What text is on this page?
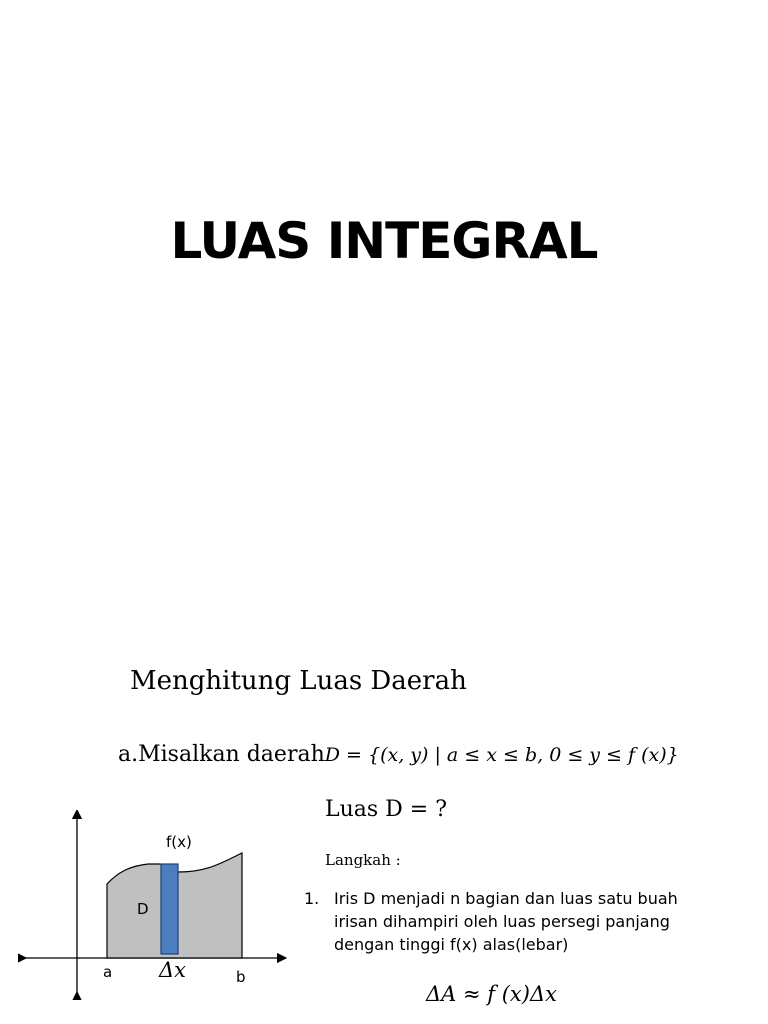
LUAS INTEGRAL
Menghitung Luas Daerah
a.Misalkan daerahD = {(x, y) | a ≤ x ≤ b, 0 ≤ y ≤ f (x)}
Luas D = ?
Langkah :
1. Iris D menjadi n bagian dan luas satu buah irisan dihampiri oleh luas persegi panjang dengan tinggi f(x) alas(lebar)
ΔA ≈ f (x)Δx
f(x)
D
a	b
Δx
